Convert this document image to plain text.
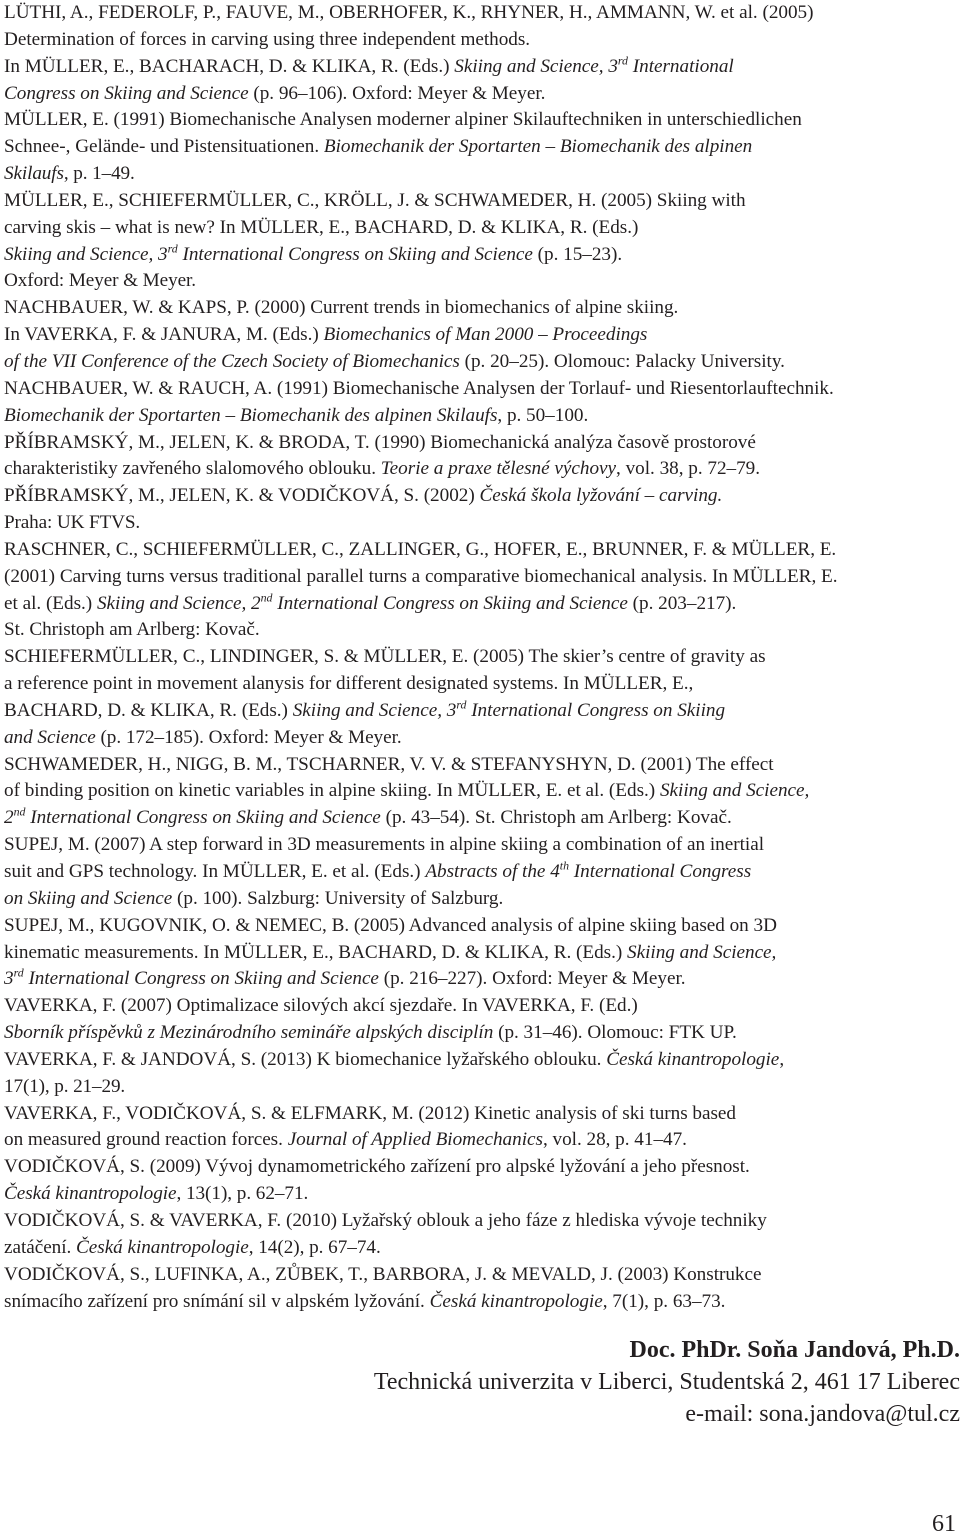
LÜTHI, A., FEDEROLF, P., FAUVE, M., OBERHOFER, K., RHYNER, H., AMMANN, W. et al. (2005)
Determination of forces in carving using three independent methods.
In MÜLLER, E., BACHARACH, D. & KLIKA, R. (Eds.) Skiing and Science, 3rd International
Congress on Skiing and Science (p. 96–106). Oxford: Meyer & Meyer.
MÜLLER, E. (1991) Biomechanische Analysen moderner alpiner Skilauftechniken in unterschiedlichen
Schnee-, Gelände- und Pistensituationen. Biomechanik der Sportarten – Biomechanik des alpinen
Skilaufs, p. 1–49.
MÜLLER, E., SCHIEFERMÜLLER, C., KRÖLL, J. & SCHWAMEDER, H. (2005) Skiing with
carving skis – what is new? In MÜLLER, E., BACHARD, D. & KLIKA, R. (Eds.)
Skiing and Science, 3rd International Congress on Skiing and Science (p. 15–23).
Oxford: Meyer & Meyer.
NACHBAUER, W. & KAPS, P. (2000) Current trends in biomechanics of alpine skiing.
In VAVERKA, F. & JANURA, M. (Eds.) Biomechanics of Man 2000 – Proceedings
of the VII Conference of the Czech Society of Biomechanics (p. 20–25). Olomouc: Palacky University.
NACHBAUER, W. & RAUCH, A. (1991) Biomechanische Analysen der Torlauf- und Riesentorlauftechnik.
Biomechanik der Sportarten – Biomechanik des alpinen Skilaufs, p. 50–100.
PŘÍBRAMSKÝ, M., JELEN, K. & BRODA, T. (1990) Biomechanická analýza časově prostorové
charakteristiky zavřeného slalomového oblouku. Teorie a praxe tělesné výchovy, vol. 38, p. 72–79.
PŘÍBRAMSKÝ, M., JELEN, K. & VODIČKOVÁ, S. (2002) Česká škola lyžování – carving.
Praha: UK FTVS.
RASCHNER, C., SCHIEFERMÜLLER, C., ZALLINGER, G., HOFER, E., BRUNNER, F. & MÜLLER, E.
(2001) Carving turns versus traditional parallel turns a comparative biomechanical analysis. In MÜLLER, E.
et al. (Eds.) Skiing and Science, 2nd International Congress on Skiing and Science (p. 203–217).
St. Christoph am Arlberg: Kovač.
SCHIEFERMÜLLER, C., LINDINGER, S. & MÜLLER, E. (2005) The skier’s centre of gravity as
a reference point in movement alanysis for different designated systems. In MÜLLER, E.,
BACHARD, D. & KLIKA, R. (Eds.) Skiing and Science, 3rd International Congress on Skiing
and Science (p. 172–185). Oxford: Meyer & Meyer.
SCHWAMEDER, H., NIGG, B. M., TSCHARNER, V. V. & STEFANYSHYN, D. (2001) The effect
of binding position on kinetic variables in alpine skiing. In MÜLLER, E. et al. (Eds.) Skiing and Science,
2nd International Congress on Skiing and Science (p. 43–54). St. Christoph am Arlberg: Kovač.
SUPEJ, M. (2007) A step forward in 3D measurements in alpine skiing a combination of an inertial
suit and GPS technology. In MÜLLER, E. et al. (Eds.) Abstracts of the 4th International Congress
on Skiing and Science (p. 100). Salzburg: University of Salzburg.
SUPEJ, M., KUGOVNIK, O. & NEMEC, B. (2005) Advanced analysis of alpine skiing based on 3D
kinematic measurements. In MÜLLER, E., BACHARD, D. & KLIKA, R. (Eds.) Skiing and Science,
3rd International Congress on Skiing and Science (p. 216–227). Oxford: Meyer & Meyer.
VAVERKA, F. (2007) Optimalizace silových akcí sjezdaře. In VAVERKA, F. (Ed.)
Sborník příspěvků z Mezinárodního semináře alpských disciplín (p. 31–46). Olomouc: FTK UP.
VAVERKA, F. & JANDOVÁ, S. (2013) K biomechanice lyžařského oblouku. Česká kinantropologie,
17(1), p. 21–29.
VAVERKA, F., VODIČKOVÁ, S. & ELFMARK, M. (2012) Kinetic analysis of ski turns based
on measured ground reaction forces. Journal of Applied Biomechanics, vol. 28, p. 41–47.
VODIČKOVÁ, S. (2009) Vývoj dynamometrického zařízení pro alpské lyžování a jeho přesnost.
Česká kinantropologie, 13(1), p. 62–71.
VODIČKOVÁ, S. & VAVERKA, F. (2010) Lyžařský oblouk a jeho fáze z hlediska vývoje techniky
zatáčení. Česká kinantropologie, 14(2), p. 67–74.
VODIČKOVÁ, S., LUFINKA, A., ZŮBEK, T., BARBORA, J. & MEVALD, J. (2003) Konstrukce
snímacího zařízení pro snímání sil v alpském lyžování. Česká kinantropologie, 7(1), p. 63–73.
Doc. PhDr. Soňa Jandová, Ph.D.
Technická univerzita v Liberci, Studentská 2, 461 17 Liberec
e-mail: sona.jandova@tul.cz
61
